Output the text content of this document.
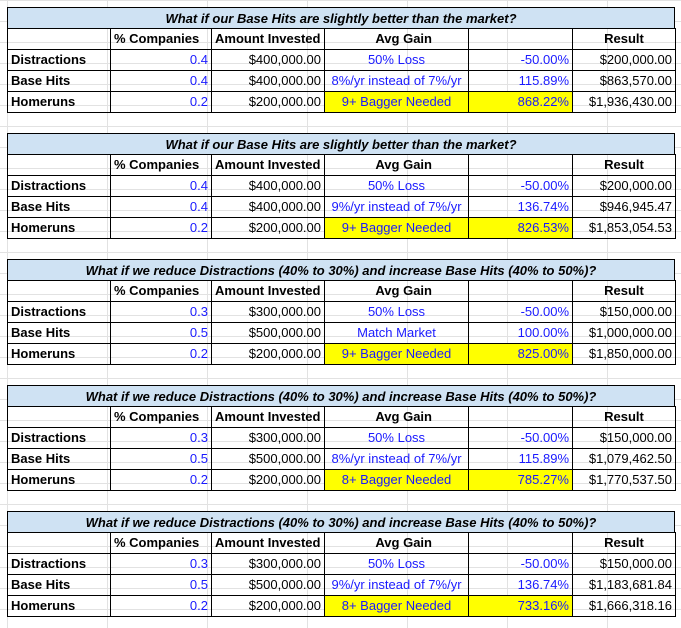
What if our Base Hits are slightly better than the market?
	% Companies	Amount Invested	Avg Gain		Result
Distractions	0.4	$400,000.00	50% Loss	-50.00%	$200,000.00
Base Hits	0.4	$400,000.00	8%/yr instead of 7%/yr	115.89%	$863,570.00
Homeruns	0.2	$200,000.00	9+ Bagger Needed	868.22%	$1,936,430.00
What if our Base Hits are slightly better than the market?
	% Companies	Amount Invested	Avg Gain		Result
Distractions	0.4	$400,000.00	50% Loss	-50.00%	$200,000.00
Base Hits	0.4	$400,000.00	9%/yr instead of 7%/yr	136.74%	$946,945.47
Homeruns	0.2	$200,000.00	9+ Bagger Needed	826.53%	$1,853,054.53
What if we reduce Distractions (40% to 30%) and increase Base Hits (40% to 50%)?
	% Companies	Amount Invested	Avg Gain		Result
Distractions	0.3	$300,000.00	50% Loss	-50.00%	$150,000.00
Base Hits	0.5	$500,000.00	Match Market	100.00%	$1,000,000.00
Homeruns	0.2	$200,000.00	9+ Bagger Needed	825.00%	$1,850,000.00
What if we reduce Distractions (40% to 30%) and increase Base Hits (40% to 50%)?
	% Companies	Amount Invested	Avg Gain		Result
Distractions	0.3	$300,000.00	50% Loss	-50.00%	$150,000.00
Base Hits	0.5	$500,000.00	8%/yr instead of 7%/yr	115.89%	$1,079,462.50
Homeruns	0.2	$200,000.00	8+ Bagger Needed	785.27%	$1,770,537.50
What if we reduce Distractions (40% to 30%) and increase Base Hits (40% to 50%)?
	% Companies	Amount Invested	Avg Gain		Result
Distractions	0.3	$300,000.00	50% Loss	-50.00%	$150,000.00
Base Hits	0.5	$500,000.00	9%/yr instead of 7%/yr	136.74%	$1,183,681.84
Homeruns	0.2	$200,000.00	8+ Bagger Needed	733.16%	$1,666,318.16
